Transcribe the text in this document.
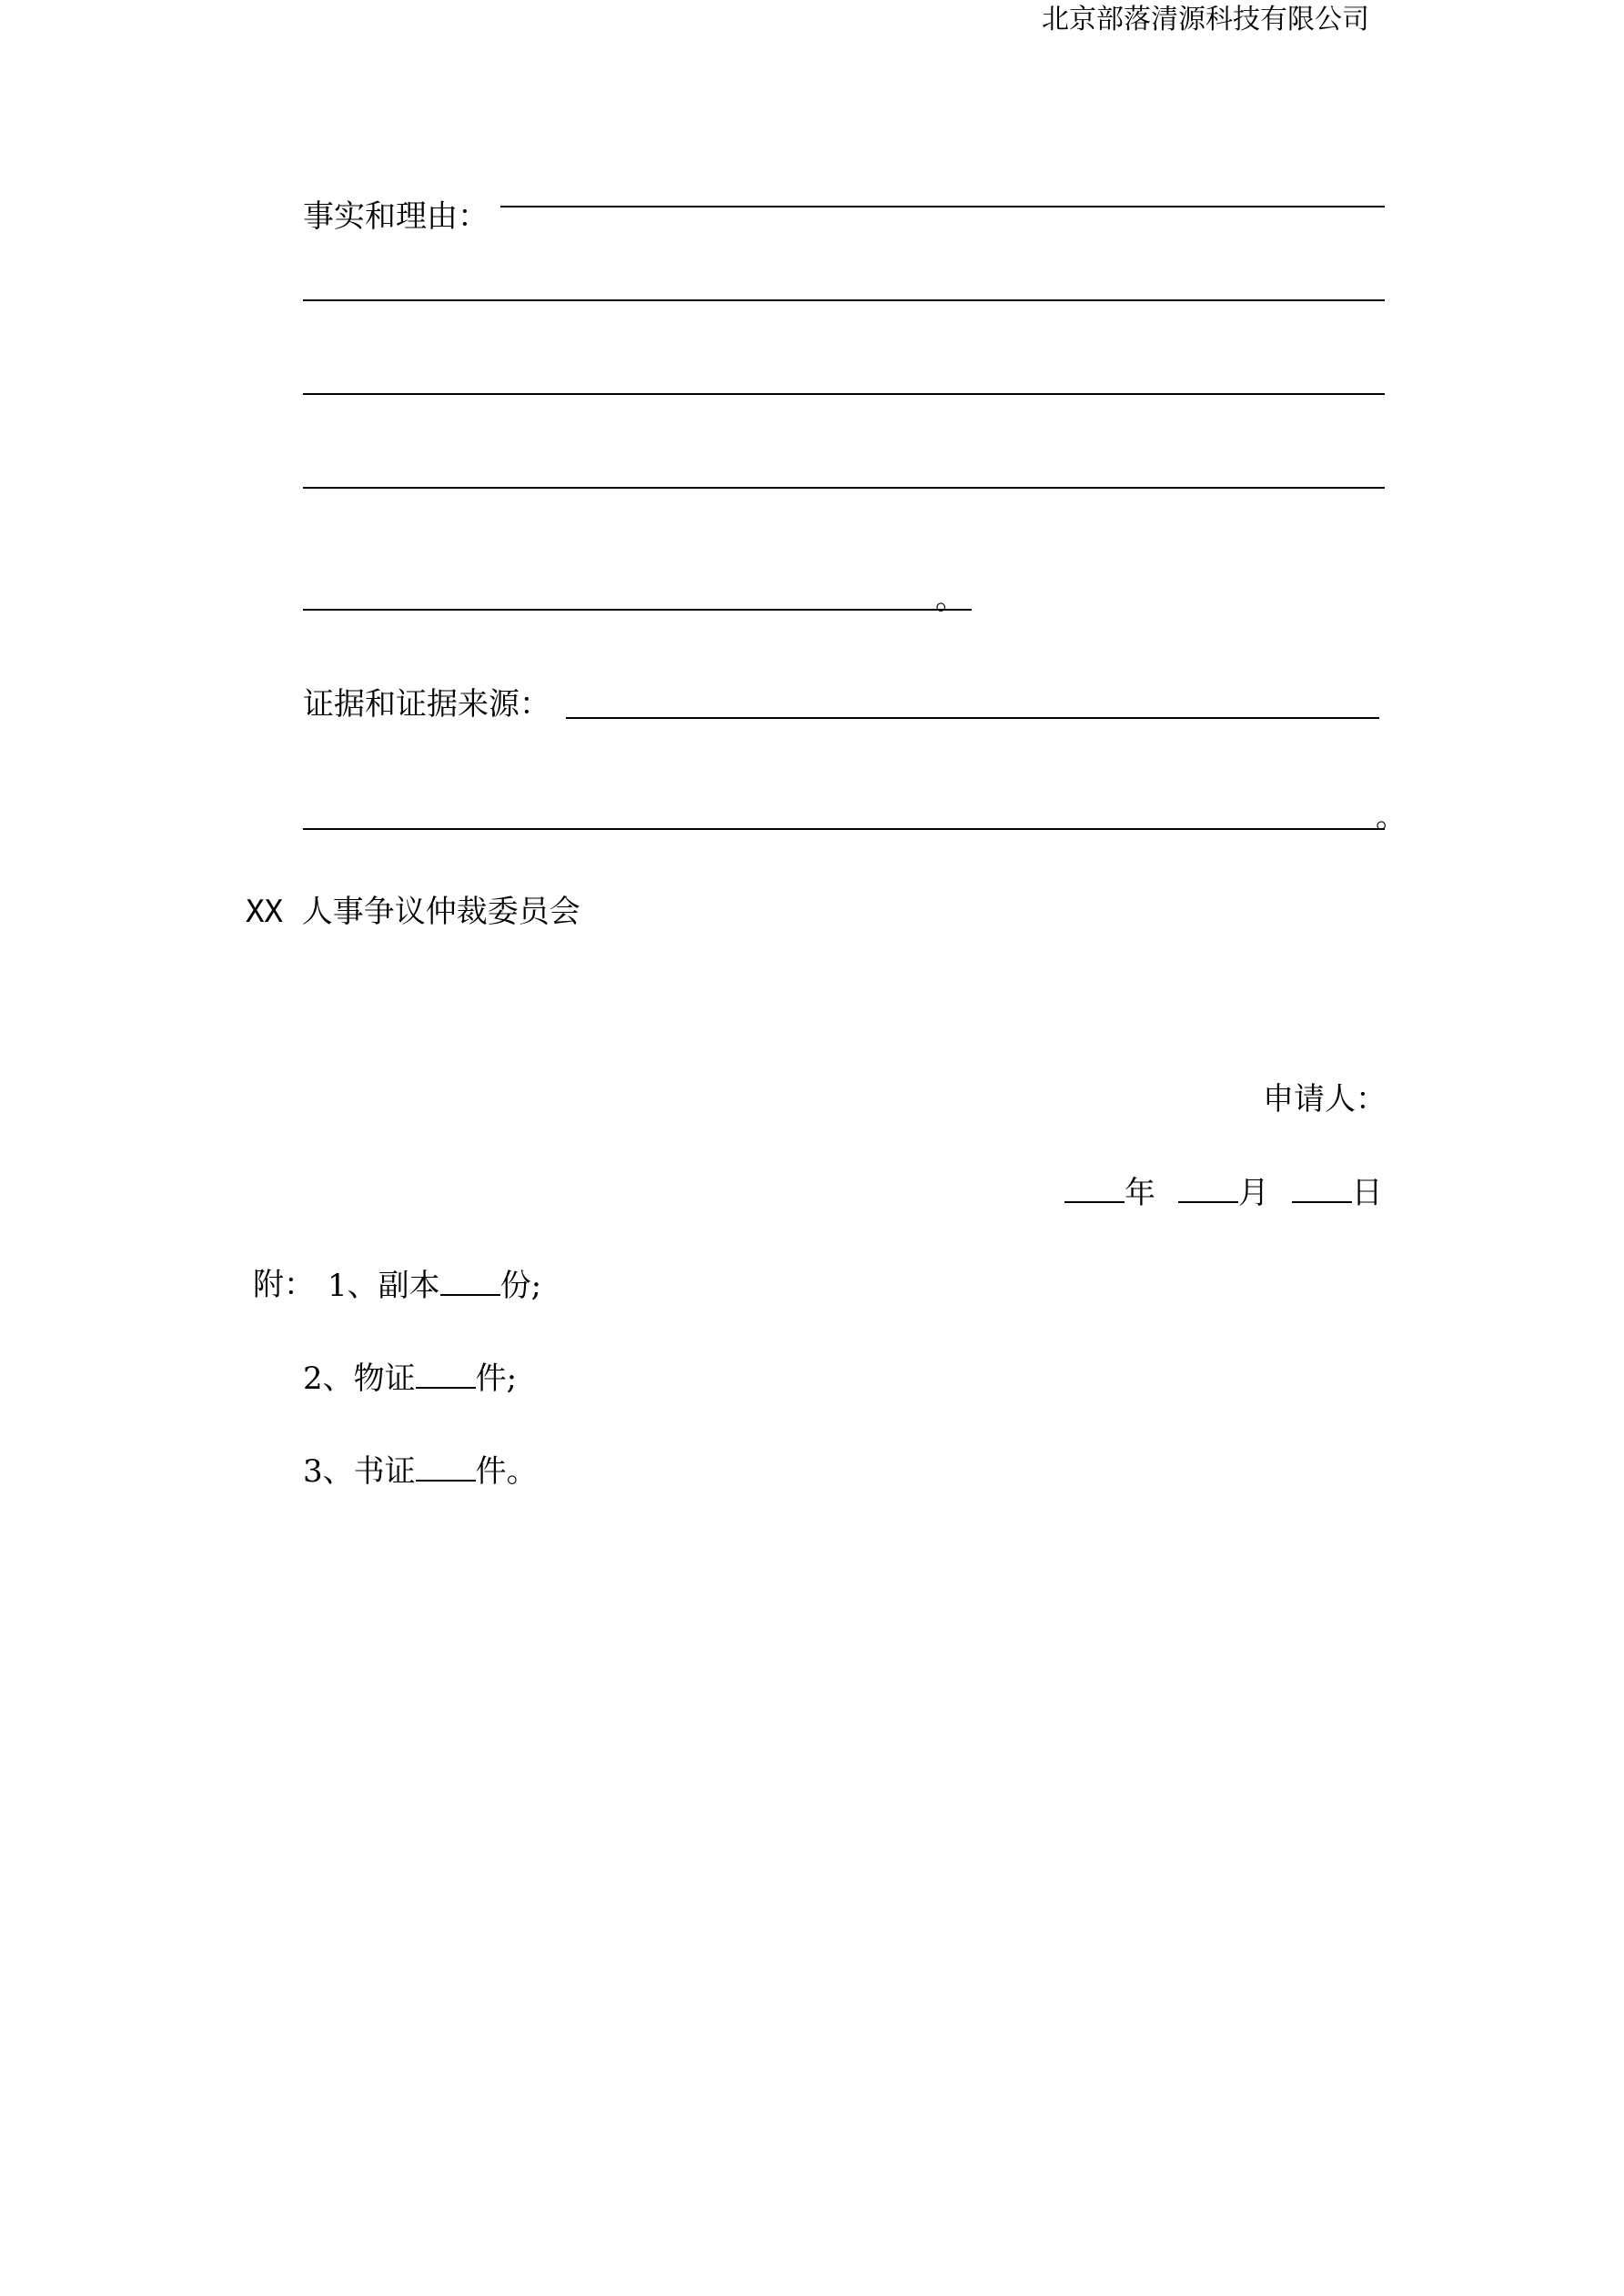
北京部落清源科技有限公司
事实和理由：
。
证据和证据来源：
。
XX 人事争议仲裁委员会
申请人：
年	月	日
附： 1、副本 份;
2、物证 件;
3、书证 件。
